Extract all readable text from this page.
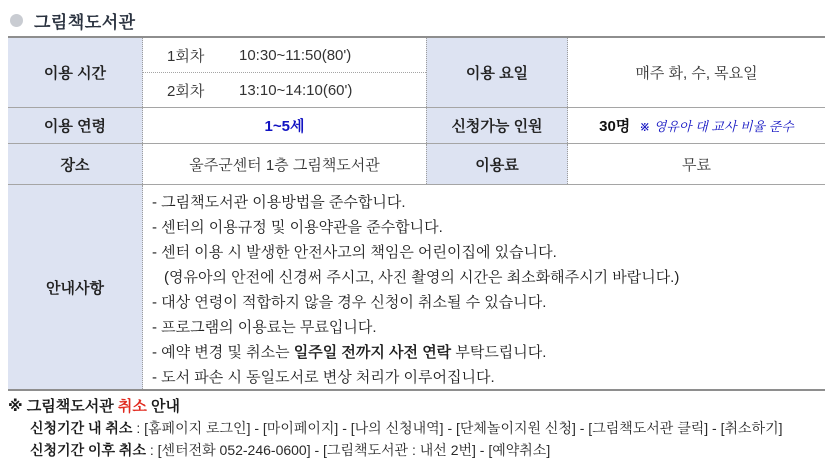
그림책도서관
이용 시간
1회차	10:30~11:50(80')
2회차	13:10~14:10(60')
이용 요일	매주 화, 수, 목요일
이용 연령	1~5세	신청가능 인원	30명 ※ 영유아 대 교사 비율 준수
장소	울주군센터 1층 그림책도서관	이용료	무료
안내사항
- 그림책도서관 이용방법을 준수합니다.
- 센터의 이용규정 및 이용약관을 준수합니다.
- 센터 이용 시 발생한 안전사고의 책임은 어린이집에 있습니다.
(영유아의 안전에 신경써 주시고, 사진 촬영의 시간은 최소화해주시기 바랍니다.)
- 대상 연령이 적합하지 않을 경우 신청이 취소될 수 있습니다.
- 프로그램의 이용료는 무료입니다.
- 예약 변경 및 취소는 일주일 전까지 사전 연락 부탁드립니다.
- 도서 파손 시 동일도서로 변상 처리가 이루어집니다.
※ 그림책도서관 취소 안내
신청기간 내 취소 : [홈페이지 로그인] - [마이페이지] - [나의 신청내역] - [단체놀이지원 신청] - [그림책도서관 클릭] - [취소하기]
신청기간 이후 취소 : [센터전화 052-246-0600] - [그림책도서관 : 내선 2번] - [예약취소]
